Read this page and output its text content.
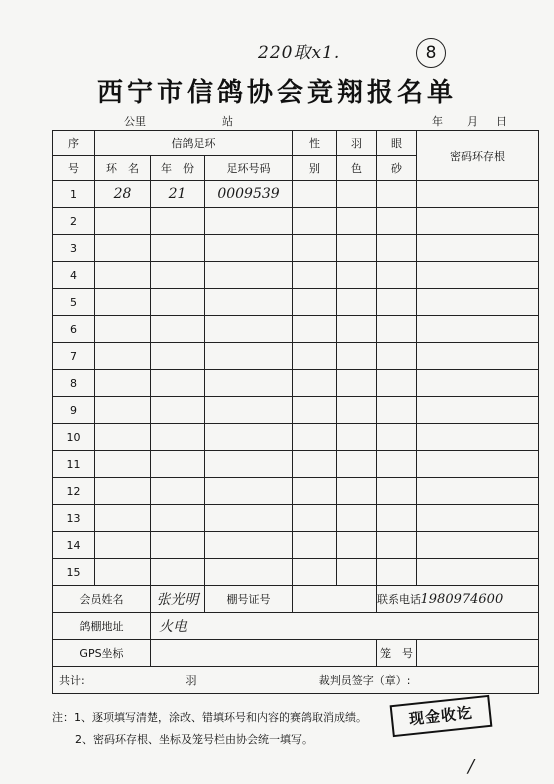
220取x1.	8
西宁市信鸽协会竞翔报名单
公里	站	年 月 日
序	信鸽足环			性	羽	眼	密码环存根
号	环　名	年　份	足环号码	别	色	砂	
1	28	21	0009539				
2							
3							
4							
5							
6							
7							
8							
9							
10							
11							
12							
13							
14							
15							
会员姓名		张光明	棚号证号			联系电话	1980974600
鸽棚地址		火电					
GPS坐标						笼　号	
共计:	羽		裁判员签字（章）:				
注：1、逐项填写清楚，涂改、错填环号和内容的赛鸽取消成绩。
2、密码环存根、坐标及笼号栏由协会统一填写。
现金收讫
/
